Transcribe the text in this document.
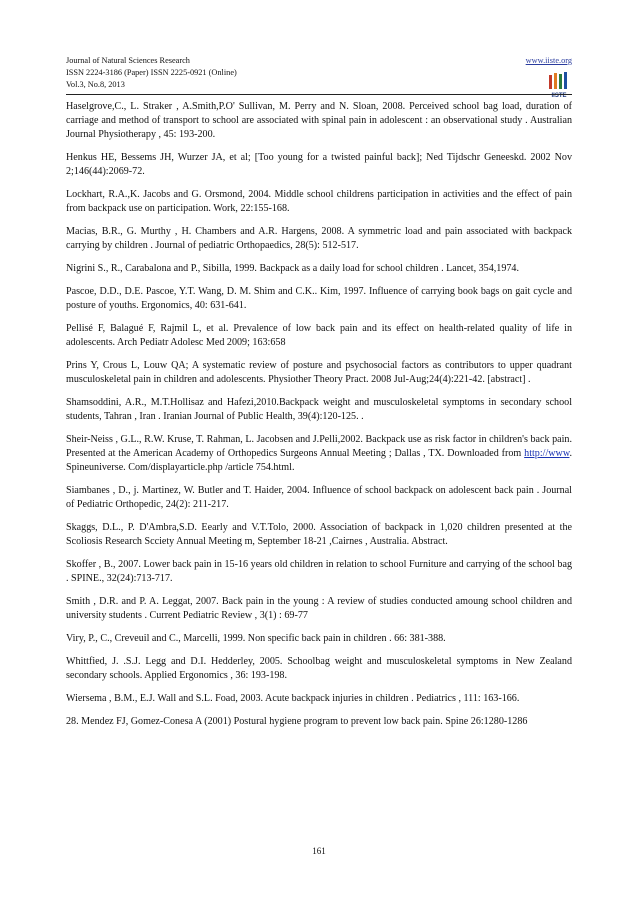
Journal of Natural Sciences Research
ISSN 2224-3186 (Paper) ISSN 2225-0921 (Online)
Vol.3, No.8, 2013
www.iiste.org
IISTE

Haselgrove,C., L. Straker , A.Smith,P.O' Sullivan, M. Perry and N. Sloan, 2008. Perceived school bag load, duration of carriage and method of transport to school are associated with spinal pain in adolescent : an observational study . Australian Journal Physiotherapy , 45: 193-200.

Henkus HE, Bessems JH, Wurzer JA, et al; [Too young for a twisted painful back]; Ned Tijdschr Geneeskd. 2002 Nov 2;146(44):2069-72.

Lockhart, R.A.,K. Jacobs and G. Orsmond, 2004. Middle school childrens participation in activities and the effect of pain from backpack use on participation. Work, 22:155-168.

Macias, B.R., G. Murthy , H. Chambers and A.R. Hargens, 2008. A symmetric load and pain associated with backpack carrying by children . Journal of pediatric Orthopaedics, 28(5): 512-517.

Nigrini S., R., Carabalona and P., Sibilla, 1999. Backpack as a daily load for school children . Lancet, 354,1974.

Pascoe, D.D., D.E. Pascoe, Y.T. Wang, D. M. Shim and C.K.. Kim, 1997. Influence of carrying book bags on gait cycle and posture of youths. Ergonomics, 40: 631-641.

Pellisé F, Balagué F, Rajmil L, et al. Prevalence of low back pain and its effect on health-related quality of life in adolescents. Arch Pediatr Adolesc Med 2009; 163:658

Prins Y, Crous L, Louw QA; A systematic review of posture and psychosocial factors as contributors to upper quadrant musculoskeletal pain in children and adolescents. Physiother Theory Pract. 2008 Jul-Aug;24(4):221-42. [abstract] .

Shamsoddini, A.R., M.T.Hollisaz and Hafezi,2010.Backpack weight and musculoskeletal symptoms in secondary school students, Tahran , Iran . Iranian Journal of Public Health, 39(4):120-125. .

Sheir-Neiss , G.L., R.W. Kruse, T. Rahman, L. Jacobsen and J.Pelli,2002. Backpack use as risk factor in children's back pain. Presented at the American Academy of Orthopedics Surgeons Annual Meeting ; Dallas , TX. Downloaded from http://www. Spineuniverse. Com/displayarticle.php /article 754.html.

Siambanes , D., j. Martinez, W. Butler and T. Haider, 2004. Influence of school backpack on adolescent back pain . Journal of Pediatric Orthopedic, 24(2): 211-217.

Skaggs, D.L., P. D'Ambra,S.D. Eearly and V.T.Tolo, 2000. Association of backpack in 1,020 children presented at the Scoliosis Research Scciety Annual Meeting m, September 18-21 ,Cairnes , Australia. Abstract.

Skoffer , B., 2007. Lower back pain in 15-16 years old children in relation to school Furniture and carrying of the school bag . SPINE., 32(24):713-717.

Smith , D.R. and P. A. Leggat, 2007. Back pain in the young : A review of studies conducted amoung school children and university students . Current Pediatric Review , 3(1) : 69-77

Viry, P., C., Creveuil and C., Marcelli, 1999. Non specific back pain in children . 66: 381-388.

Whittfied, J. .S.J. Legg and D.I. Hedderley, 2005. Schoolbag weight and musculoskeletal symptoms in New Zealand secondary schools. Applied Ergonomics , 36: 193-198.

Wiersema , B.M., E.J. Wall and S.L. Foad, 2003. Acute backpack injuries in children . Pediatrics , 111: 163-166.

28. Mendez FJ, Gomez-Conesa A (2001) Postural hygiene program to prevent low back pain. Spine 26:1280-1286

161
